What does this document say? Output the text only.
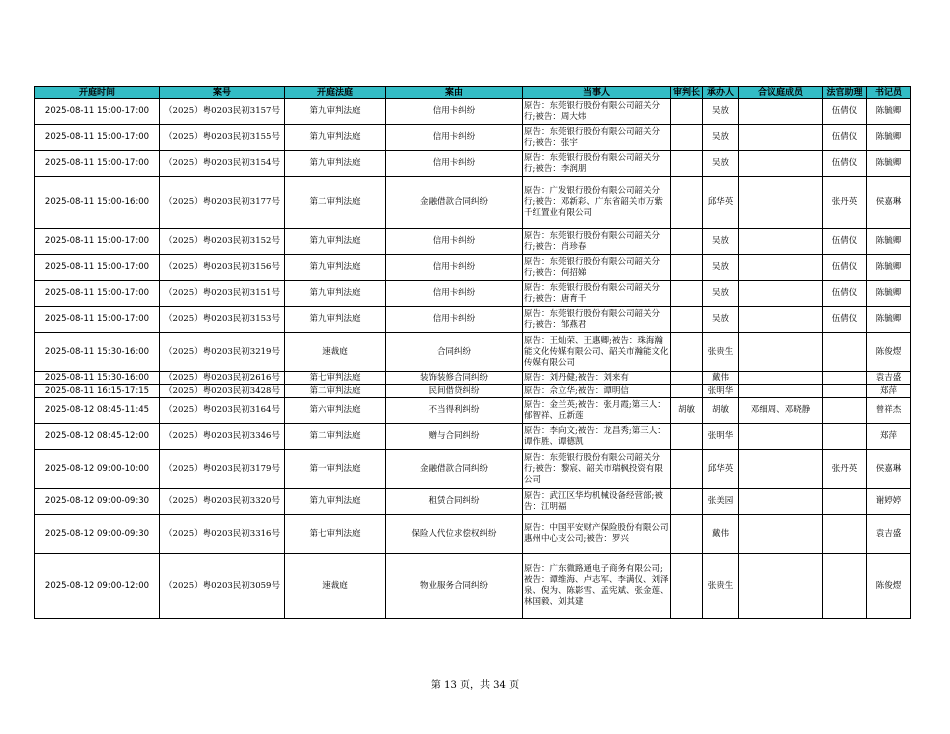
开庭时间	案号	开庭法庭	案由	当事人	审判长	承办人	合议庭成员	法官助理	书记员
2025-08-11 15:00-17:00	（2025）粤0203民初3157号	第九审判法庭	信用卡纠纷	原告：东莞银行股份有限公司韶关分行;被告：周大炜		吴放		伍倩仪	陈毓卿
2025-08-11 15:00-17:00	（2025）粤0203民初3155号	第九审判法庭	信用卡纠纷	原告：东莞银行股份有限公司韶关分行;被告：张宇		吴放		伍倩仪	陈毓卿
2025-08-11 15:00-17:00	（2025）粤0203民初3154号	第九审判法庭	信用卡纠纷	原告：东莞银行股份有限公司韶关分行;被告：李润朋		吴放		伍倩仪	陈毓卿
2025-08-11 15:00-16:00	（2025）粤0203民初3177号	第二审判法庭	金融借款合同纠纷	原告：广发银行股份有限公司韶关分行;被告：邓新彩、广东省韶关市万紫千红置业有限公司		邱华英		张丹英	侯嘉琳
2025-08-11 15:00-17:00	（2025）粤0203民初3152号	第九审判法庭	信用卡纠纷	原告：东莞银行股份有限公司韶关分行;被告：肖珍春		吴放		伍倩仪	陈毓卿
2025-08-11 15:00-17:00	（2025）粤0203民初3156号	第九审判法庭	信用卡纠纷	原告：东莞银行股份有限公司韶关分行;被告：何招娣		吴放		伍倩仪	陈毓卿
2025-08-11 15:00-17:00	（2025）粤0203民初3151号	第九审判法庭	信用卡纠纷	原告：东莞银行股份有限公司韶关分行;被告：唐育千		吴放		伍倩仪	陈毓卿
2025-08-11 15:00-17:00	（2025）粤0203民初3153号	第九审判法庭	信用卡纠纷	原告：东莞银行股份有限公司韶关分行;被告：邹燕君		吴放		伍倩仪	陈毓卿
2025-08-11 15:30-16:00	（2025）粤0203民初3219号	速裁庭	合同纠纷	原告：王灿荣、王惠卿;被告：珠海瀚能文化传媒有限公司、韶关市瀚能文化传媒有限公司		张贵生			陈俊熤
2025-08-11 15:30-16:00	（2025）粤0203民初2616号	第七审判法庭	装饰装修合同纠纷	原告：刘丹健;被告：刘来有		戴伟			袁吉盛
2025-08-11 16:15-17:15	（2025）粤0203民初3428号	第二审判法庭	民间借贷纠纷	原告：佘立华;被告：谭明信		张明华			郑萍
2025-08-12 08:45-11:45	（2025）粤0203民初3164号	第六审判法庭	不当得利纠纷	原告：金兰英;被告：张月霞;第三人：郁智祥、丘新莲	胡敏	胡敏	邓细周、邓晓静		曾祥杰
2025-08-12 08:45-12:00	（2025）粤0203民初3346号	第二审判法庭	赠与合同纠纷	原告：李向文;被告：龙昌秀;第三人：谭作胜、谭德凯		张明华			郑萍
2025-08-12 09:00-10:00	（2025）粤0203民初3179号	第一审判法庭	金融借款合同纠纷	原告：东莞银行股份有限公司韶关分行;被告：黎宸、韶关市瑞枫投资有限公司		邱华英		张丹英	侯嘉琳
2025-08-12 09:00-09:30	（2025）粤0203民初3320号	第九审判法庭	租赁合同纠纷	原告：武江区华均机械设备经营部;被告：江明福		张美园			谢婷婷
2025-08-12 09:00-09:30	（2025）粤0203民初3316号	第七审判法庭	保险人代位求偿权纠纷	原告：中国平安财产保险股份有限公司惠州中心支公司;被告：罗兴		戴伟			袁吉盛
2025-08-12 09:00-12:00	（2025）粤0203民初3059号	速裁庭	物业服务合同纠纷	原告：广东微路通电子商务有限公司;被告：谭维海、卢志军、李满仪、刘泽泉、倪为、陈影雪、孟宪斌、张金莲、林国毅、刘其建		张贵生			陈俊熤
第 13 页，共 34 页
